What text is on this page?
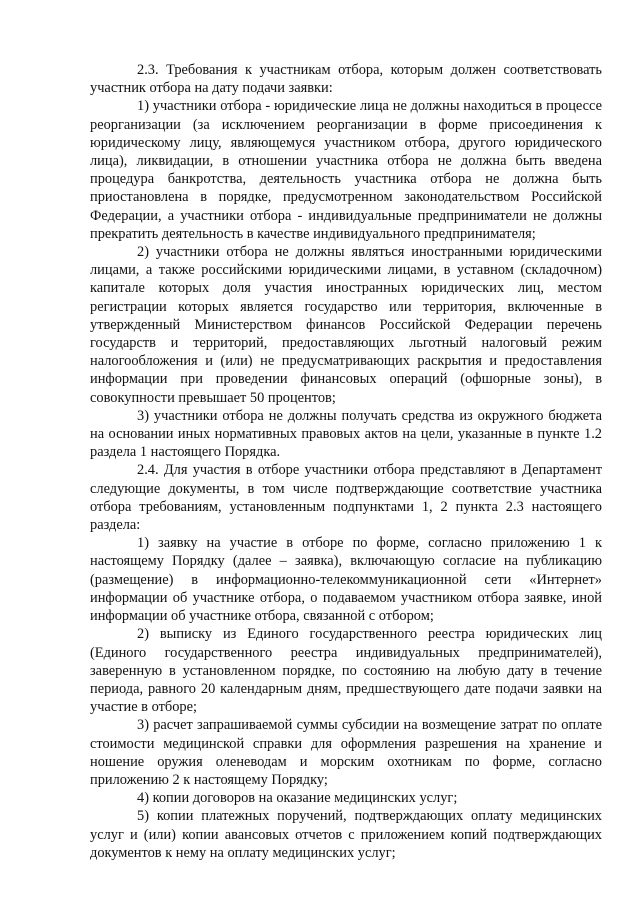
2.3. Требования к участникам отбора, которым должен соответствовать участник отбора на дату подачи заявки:

1) участники отбора - юридические лица не должны находиться в процессе реорганизации (за исключением реорганизации в форме присоединения к юридическому лицу, являющемуся участником отбора, другого юридического лица), ликвидации, в отношении участника отбора не должна быть введена процедура банкротства, деятельность участника отбора не должна быть приостановлена в порядке, предусмотренном законодательством Российской Федерации, а участники отбора - индивидуальные предприниматели не должны прекратить деятельность в качестве индивидуального предпринимателя;

2) участники отбора не должны являться иностранными юридическими лицами, а также российскими юридическими лицами, в уставном (складочном) капитале которых доля участия иностранных юридических лиц, местом регистрации которых является государство или территория, включенные в утвержденный Министерством финансов Российской Федерации перечень государств и территорий, предоставляющих льготный налоговый режим налогообложения и (или) не предусматривающих раскрытия и предоставления информации при проведении финансовых операций (офшорные зоны), в совокупности превышает 50 процентов;

3) участники отбора не должны получать средства из окружного бюджета на основании иных нормативных правовых актов на цели, указанные в пункте 1.2 раздела 1 настоящего Порядка.

2.4. Для участия в отборе участники отбора представляют в Департамент следующие документы, в том числе подтверждающие соответствие участника отбора требованиям, установленным подпунктами 1, 2 пункта 2.3 настоящего раздела:

1) заявку на участие в отборе по форме, согласно приложению 1 к настоящему Порядку (далее – заявка), включающую согласие на публикацию (размещение) в информационно-телекоммуникационной сети «Интернет» информации об участнике отбора, о подаваемом участником отбора заявке, иной информации об участнике отбора, связанной с отбором;

2) выписку из Единого государственного реестра юридических лиц (Единого государственного реестра индивидуальных предпринимателей), заверенную в установленном порядке, по состоянию на любую дату в течение периода, равного 20 календарным дням, предшествующего дате подачи заявки на участие в отборе;

3) расчет запрашиваемой суммы субсидии на возмещение затрат по оплате стоимости медицинской справки для оформления разрешения на хранение и ношение оружия оленеводам и морским охотникам по форме, согласно приложению 2 к настоящему Порядку;

4) копии договоров на оказание медицинских услуг;

5) копии платежных поручений, подтверждающих оплату медицинских услуг и (или) копии авансовых отчетов с приложением копий подтверждающих документов к нему на оплату медицинских услуг;
